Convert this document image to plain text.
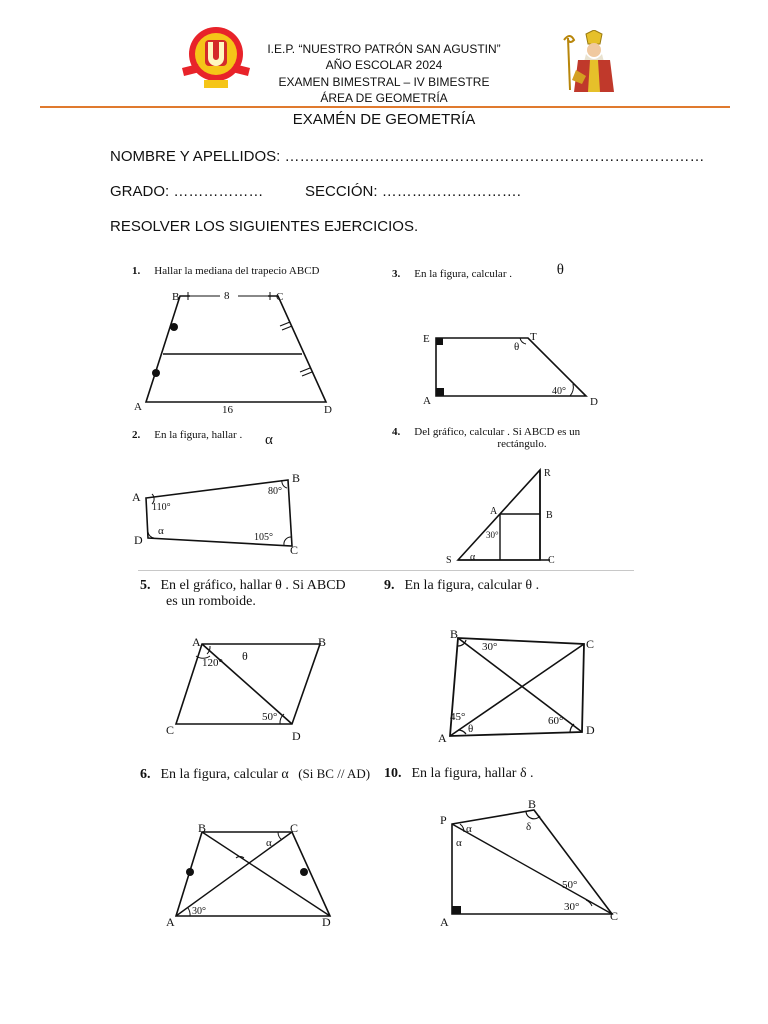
I.E.P. “NUESTRO PATRÓN SAN AGUSTIN”
AÑO ESCOLAR 2024
EXAMEN BIMESTRAL – IV BIMESTRE
ÁREA DE GEOMETRÍA
EXAMÉN DE GEOMETRÍA
NOMBRE Y APELLIDOS: …………………………………………………………………………
GRADO: ………………	SECCIÓN: ……………………….
RESOLVER LOS SIGUIENTES EJERCICIOS.
1. Hallar la mediana del trapecio ABCD	3. En la figura, calcular .	θ
2. En la figura, hallar . α	4. Del gráfico, calcular . Si ABCD es un
rectángulo.
B	C
A	D
8
16
E	T
A	D
θ
40°
A
B
C
D
110°
80°
105°
α
R
A	B
S	C
30°
α
5. En el gráfico, hallar θ . Si ABCD
es un romboide.
9. En la figura, calcular θ .
6. En la figura, calcular α (Si BC // AD) 10. En la figura, hallar δ .
A	B
C	D
120° θ
50°
B
C
A
D
30°
45°
θ
60°
B	C
A	D
α
30°
P
B
A	C
α
α
δ
50°
30°
